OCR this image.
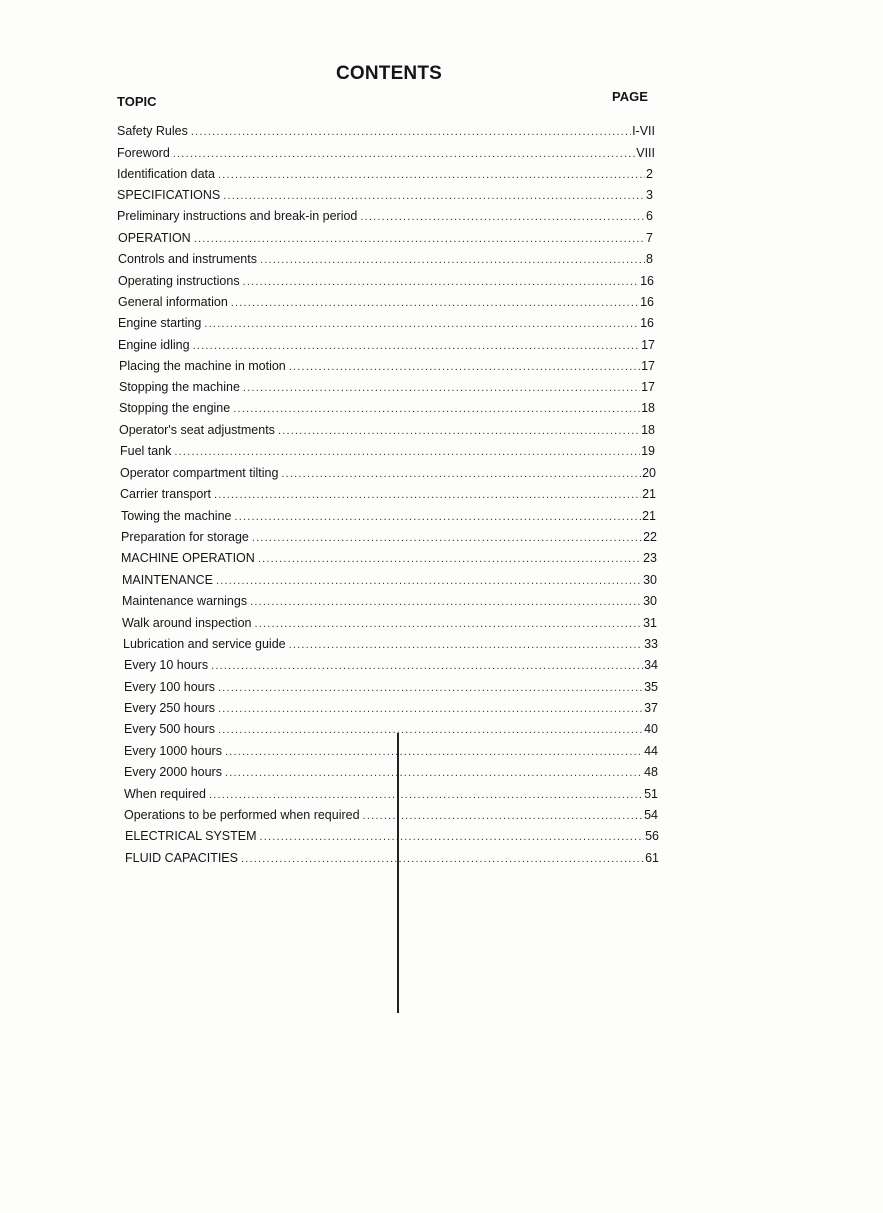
CONTENTS
TOPIC	PAGE
Safety Rules .....	I-VII
Foreword .....	VIII
Identification data .....	2
SPECIFICATIONS .....	3
Preliminary instructions and break-in period .....	6
OPERATION .....	7
Controls and instruments .....	8
Operating instructions .....	16
General information .....	16
Engine starting .....	16
Engine idling .....	17
Placing the machine in motion .....	17
Stopping the machine .....	17
Stopping the engine .....	18
Operator's seat adjustments .....	18
Fuel tank .....	19
Operator compartment tilting .....	20
Carrier transport .....	21
Towing the machine .....	21
Preparation for storage .....	22
MACHINE OPERATION .....	23
MAINTENANCE .....	30
Maintenance warnings .....	30
Walk around inspection .....	31
Lubrication and service guide .....	33
Every 10 hours .....	34
Every 100 hours .....	35
Every 250 hours .....	37
Every 500 hours .....	40
Every 1000 hours .....	44
Every 2000 hours .....	48
When required .....	51
Operations to be performed when required .....	54
ELECTRICAL SYSTEM .....	56
FLUID CAPACITIES .....	61
